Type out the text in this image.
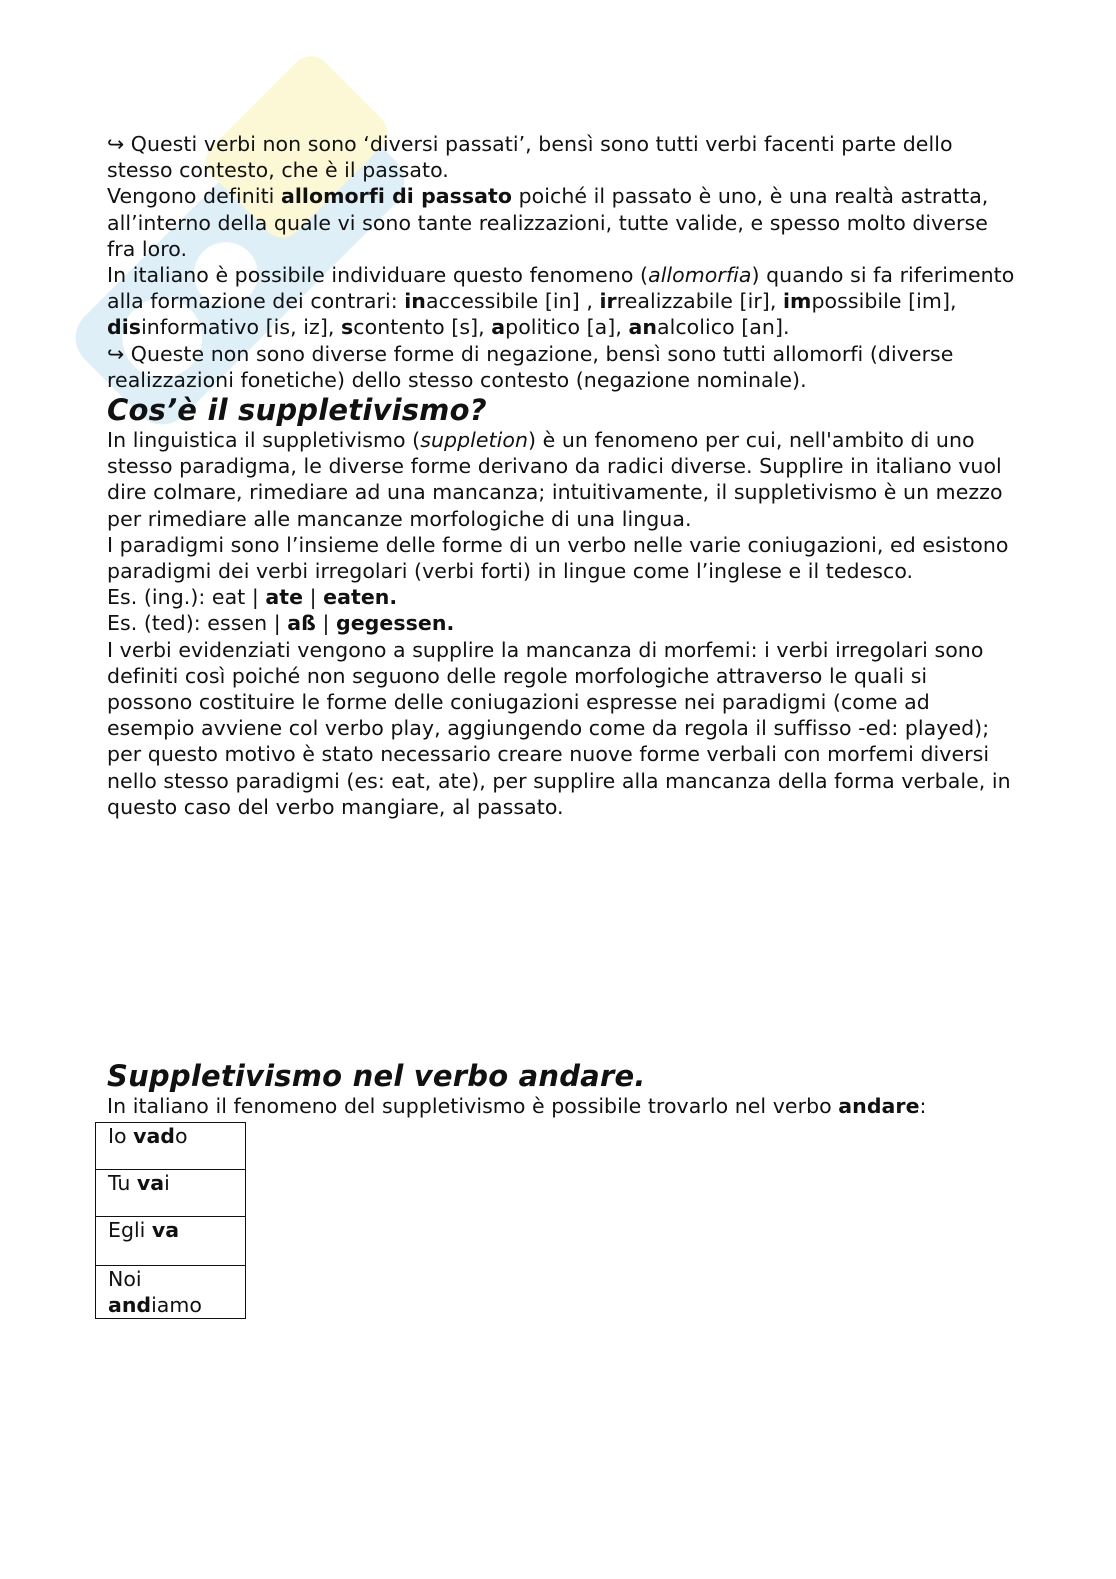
↪ Questi verbi non sono ‘diversi passati’, bensì sono tutti verbi facenti parte dello stesso contesto, che è il passato.

Vengono definiti allomorfi di passato poiché il passato è uno, è una realtà astratta, all’interno della quale vi sono tante realizzazioni, tutte valide, e spesso molto diverse fra loro.

In italiano è possibile individuare questo fenomeno (allomorfia) quando si fa riferimento alla formazione dei contrari: inaccessibile [in] , irrealizzabile [ir], impossibile [im], disinformativo [is, iz], scontento [s], apolitico [a], analcolico [an].

↪ Queste non sono diverse forme di negazione, bensì sono tutti allomorfi (diverse realizzazioni fonetiche) dello stesso contesto (negazione nominale).

Cos’è il suppletivismo?

In linguistica il suppletivismo (suppletion) è un fenomeno per cui, nell'ambito di uno stesso paradigma, le diverse forme derivano da radici diverse. Supplire in italiano vuol dire colmare, rimediare ad una mancanza; intuitivamente, il suppletivismo è un mezzo per rimediare alle mancanze morfologiche di una lingua.

I paradigmi sono l’insieme delle forme di un verbo nelle varie coniugazioni, ed esistono paradigmi dei verbi irregolari (verbi forti) in lingue come l’inglese e il tedesco.

Es. (ing.): eat | ate | eaten.

Es. (ted): essen | aß | gegessen.

I verbi evidenziati vengono a supplire la mancanza di morfemi: i verbi irregolari sono definiti così poiché non seguono delle regole morfologiche attraverso le quali si possono costituire le forme delle coniugazioni espresse nei paradigmi (come ad esempio avviene col verbo play, aggiungendo come da regola il suffisso -ed: played); per questo motivo è stato necessario creare nuove forme verbali con morfemi diversi nello stesso paradigmi (es: eat, ate), per supplire alla mancanza della forma verbale, in questo caso del verbo mangiare, al passato.

Suppletivismo nel verbo andare.

In italiano il fenomeno del suppletivismo è possibile trovarlo nel verbo andare:

Io vado
Tu vai
Egli va
Noi andiamo
